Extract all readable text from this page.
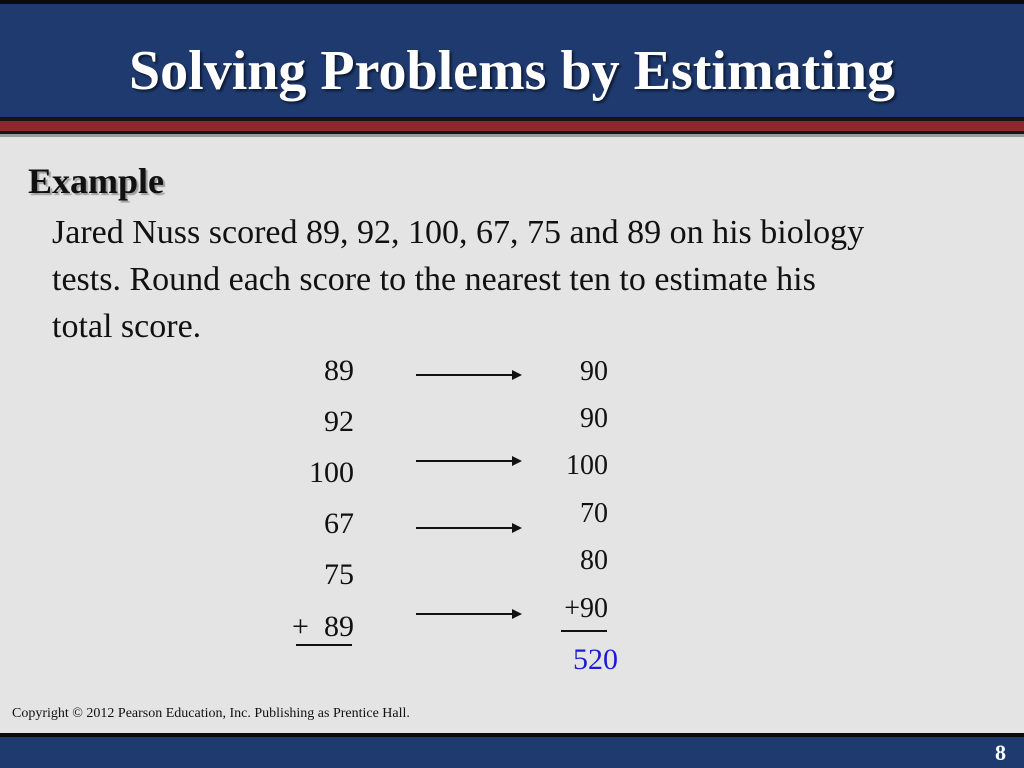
Solving Problems by Estimating
Example
Jared Nuss scored 89, 92, 100, 67, 75 and 89 on his biology tests. Round each score to the nearest ten to estimate his total score.
89
92
100
67
75
+ 89
90
90
100
70
80
+90
520
Copyright © 2012 Pearson Education, Inc. Publishing as Prentice Hall.
8
